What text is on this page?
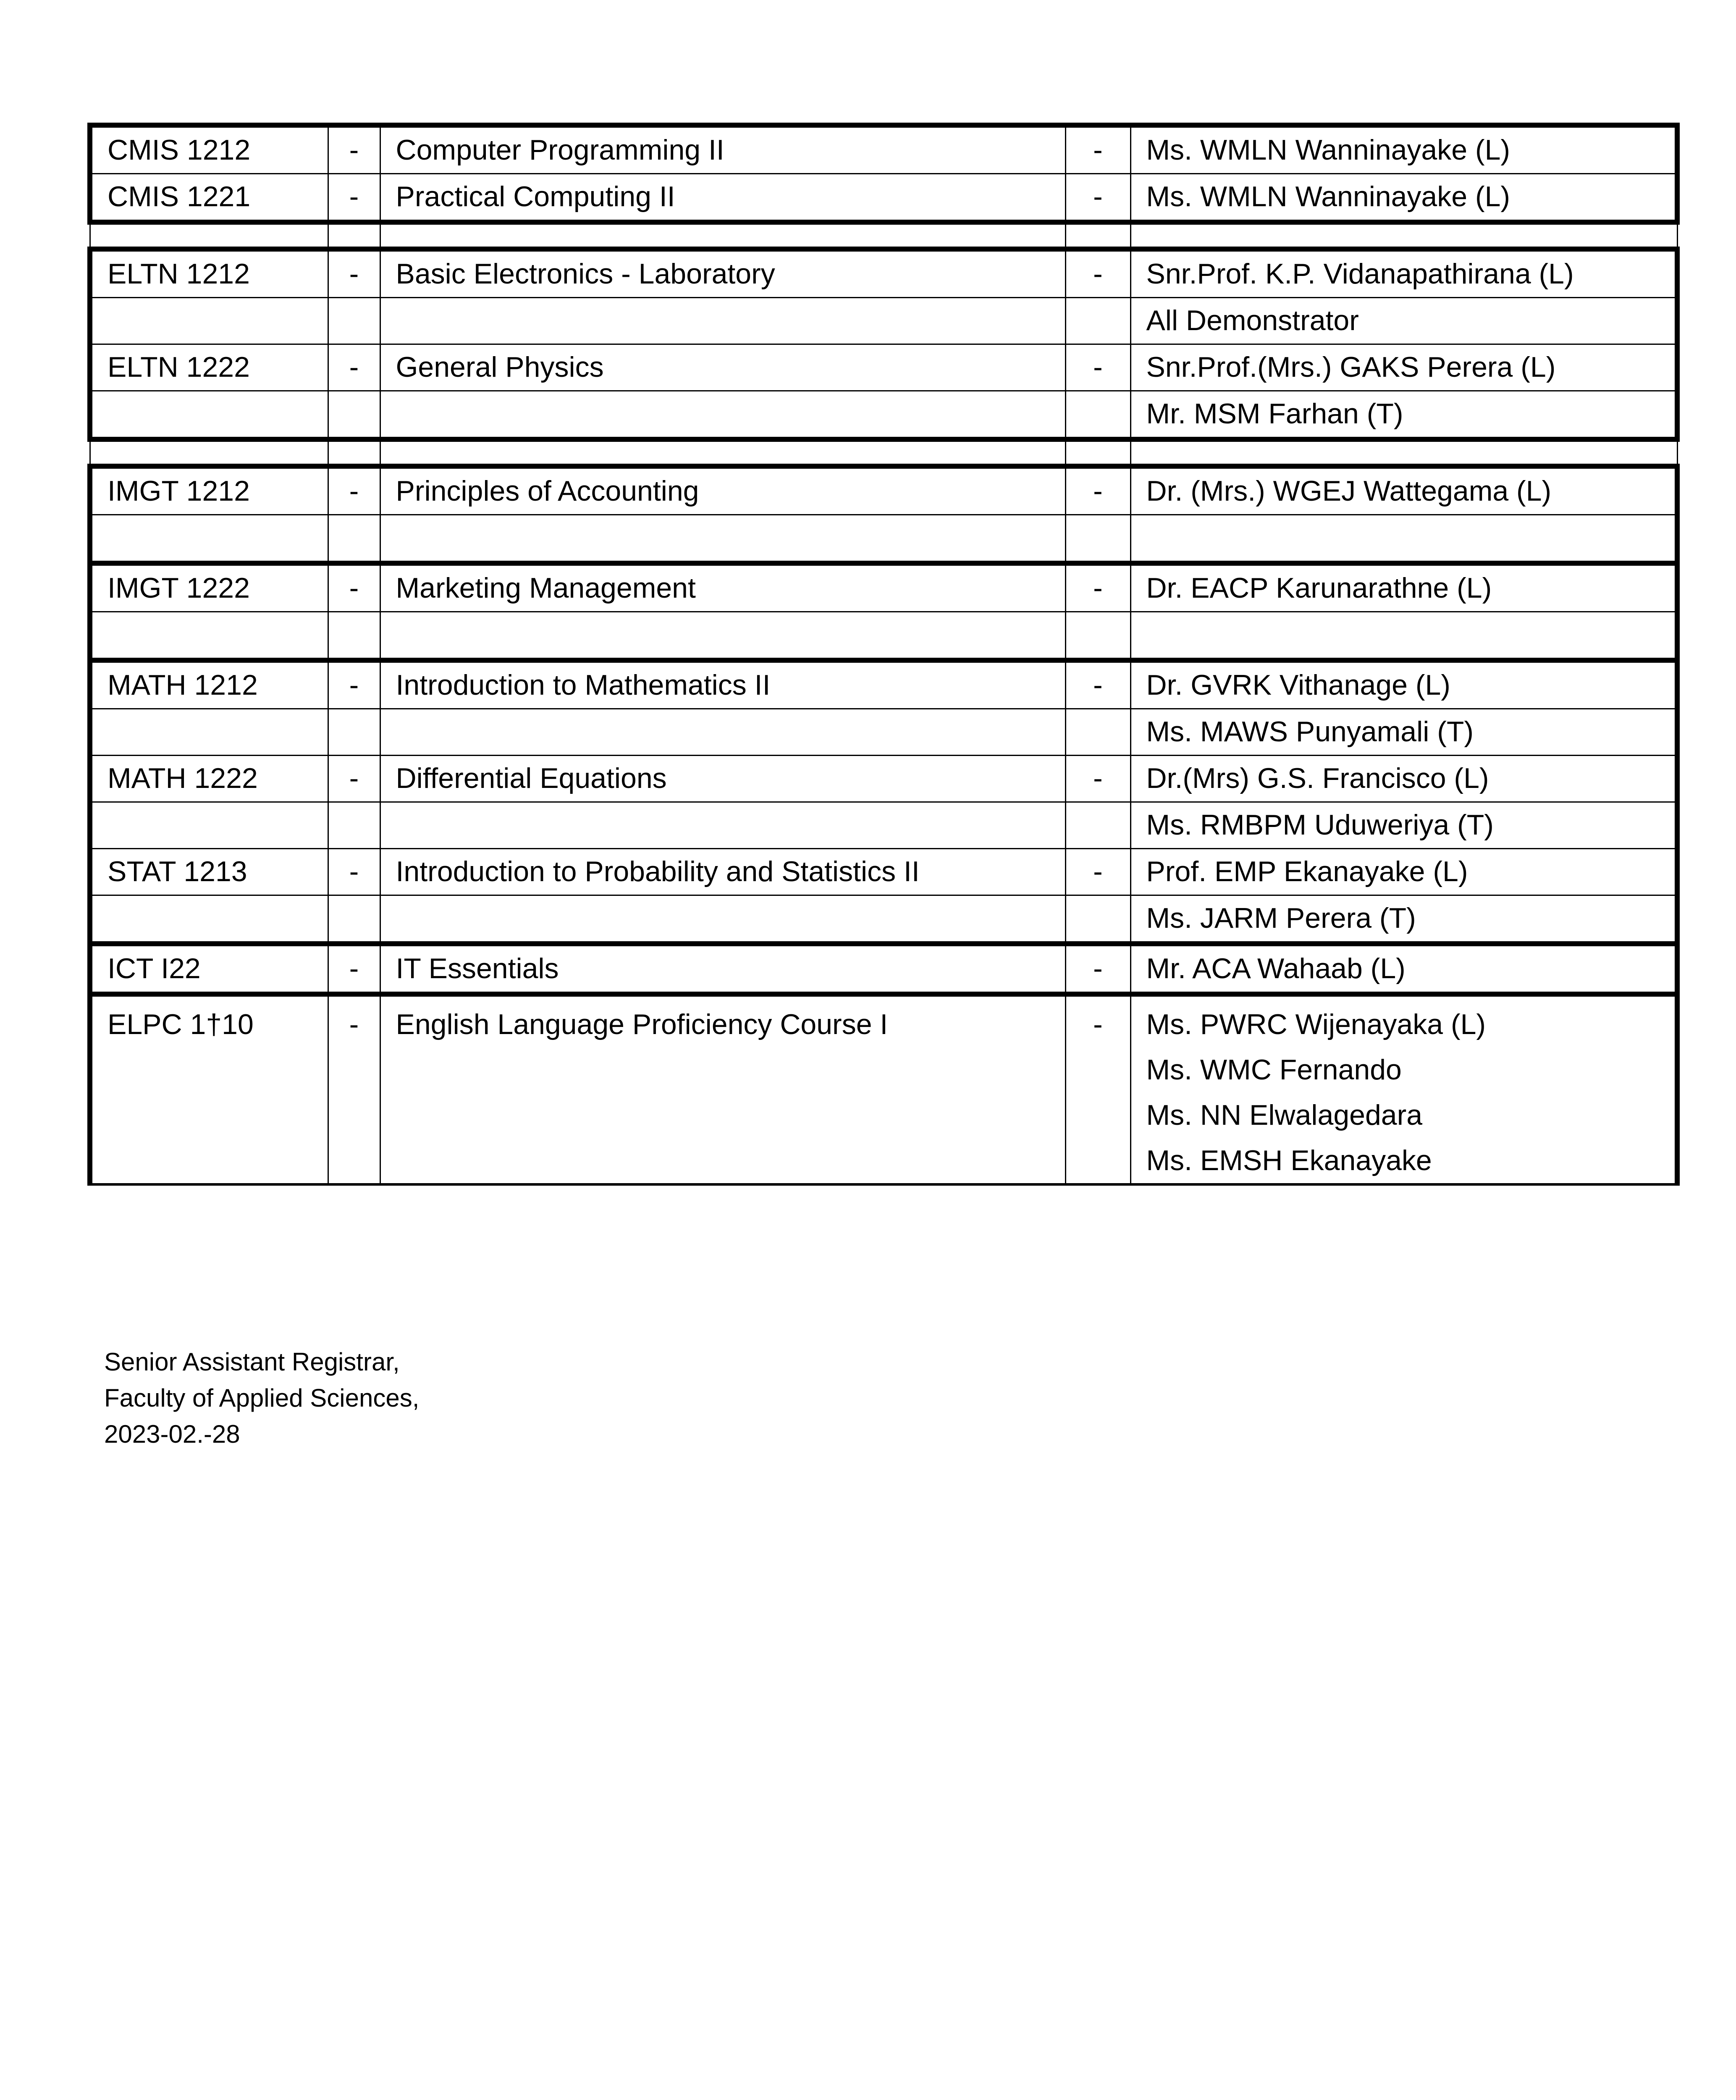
CMIS 1212	-	Computer Programming II	-	Ms. WMLN Wanninayake (L)
CMIS 1221	-	Practical Computing II	-	Ms. WMLN Wanninayake (L)

ELTN 1212	-	Basic Electronics - Laboratory	-	Snr.Prof. K.P. Vidanapathirana (L)
				All Demonstrator
ELTN 1222	-	General Physics	-	Snr.Prof.(Mrs.) GAKS Perera (L)
				Mr. MSM Farhan (T)

IMGT 1212	-	Principles of Accounting	-	Dr. (Mrs.) WGEJ Wattegama (L)

IMGT 1222	-	Marketing Management	-	Dr. EACP Karunarathne (L)

MATH 1212	-	Introduction to Mathematics II	-	Dr. GVRK Vithanage (L)
				Ms. MAWS Punyamali (T)
MATH 1222	-	Differential Equations	-	Dr.(Mrs) G.S. Francisco (L)
				Ms. RMBPM Uduweriya (T)
STAT 1213	-	Introduction to Probability and Statistics II	-	Prof. EMP Ekanayake (L)
				Ms. JARM Perera (T)
ICT I22	-	IT Essentials	-	Mr. ACA Wahaab (L)

ELPC 1†10	-	English Language Proficiency Course I	-	Ms. PWRC Wijenayaka (L)
Ms. WMC Fernando
Ms. NN Elwalagedara
Ms. EMSH Ekanayake
Senior Assistant Registrar,
Faculty of Applied Sciences,
2023-02.-28
